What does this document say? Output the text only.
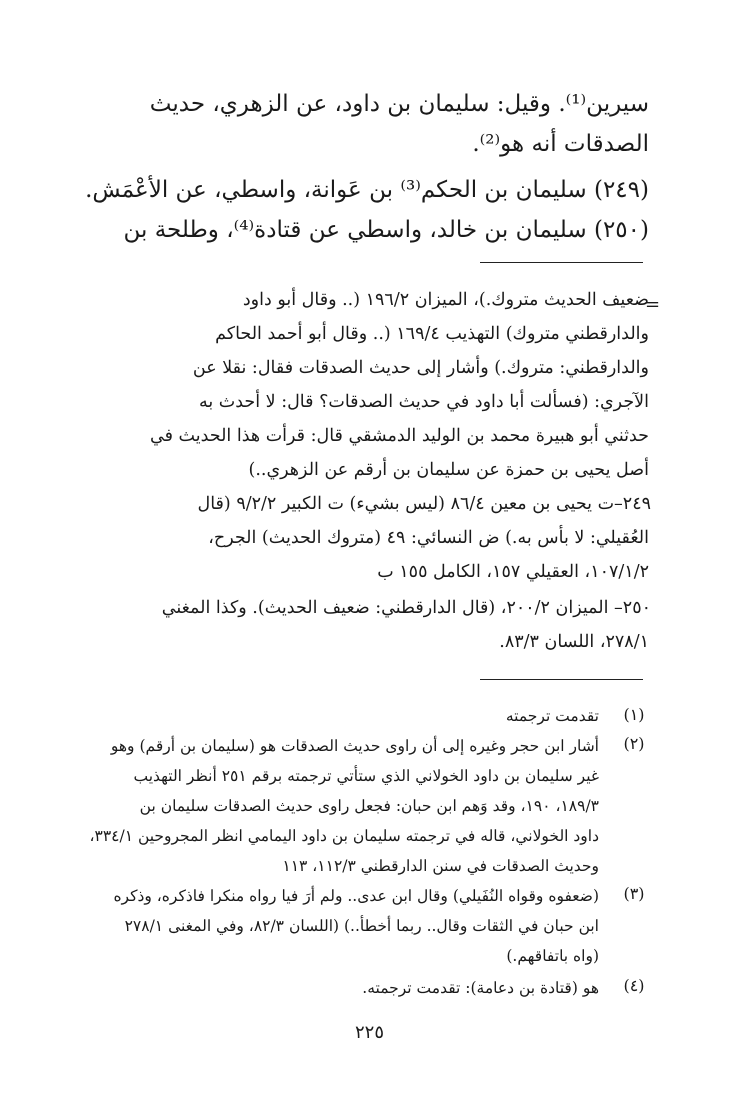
سيرين⁽¹⁾. وقيل: سليمان بن داود، عن الزهري، حديث
الصدقات أنه هو⁽²⁾.
(٢٤٩) سليمان بن الحكم⁽³⁾ بن عَوانة، واسطي، عن الأعْمَش.
(٢٥٠) سليمان بن خالد، واسطي عن قتادة⁽⁴⁾، وطلحة بن
=
ضعيف الحديث متروك.)، الميزان ١٩٦/٢ (.. وقال أبو داود
والدارقطني متروك) التهذيب ١٦٩/٤ (.. وقال أبو أحمد الحاكم
والدارقطني: متروك.) وأشار إلى حديث الصدقات فقال: نقلا عن
الآجري: (فسألت أبا داود في حديث الصدقات؟ قال: لا أحدث به
حدثني أبو هبيرة محمد بن الوليد الدمشقي قال: قرأت هذا الحديث في
أصل يحيى بن حمزة عن سليمان بن أرقم عن الزهري..)
٢٤٩–ت يحيى بن معين ٨٦/٤ (ليس بشيء) ت الكبير ٩/٢/٢ (قال
العُقيلي: لا بأس به.) ض النسائي: ٤٩ (متروك الحديث) الجرح،
١٠٧/١/٢، العقيلي ١٥٧، الكامل ١٥٥ ب
٢٥٠– الميزان ٢٠٠/٢، (قال الدارقطني: ضعيف الحديث). وكذا المغني
٢٧٨/١، اللسان ٨٣/٣.
(١)
تقدمت ترجمته
(٢)
أشار ابن حجر وغيره إلى أن راوى حديث الصدقات هو (سليمان بن أرقم) وهو
غير سليمان بن داود الخولاني الذي ستأتي ترجمته برقم ٢٥١ أنظر التهذيب
١٨٩/٣، ١٩٠، وقد وَهم ابن حبان: فجعل راوى حديث الصدقات سليمان بن
داود الخولاني، قاله في ترجمته سليمان بن داود اليمامي انظر المجروحين ٣٣٤/١،
وحديث الصدقات في سنن الدارقطني ١١٢/٣، ١١٣
(٣)
(ضعفوه وقواه النُفَيلي) وقال ابن عدى.. ولم أرَ فيا رواه منكرا فاذكره، وذكره
ابن حبان في الثقات وقال.. ربما أخطأ..) (اللسان ٨٢/٣، وفي المغنى ٢٧٨/١
(واه باتفاقهم.)
(٤)
هو (قتادة بن دعامة): تقدمت ترجمته.
٢٢٥
